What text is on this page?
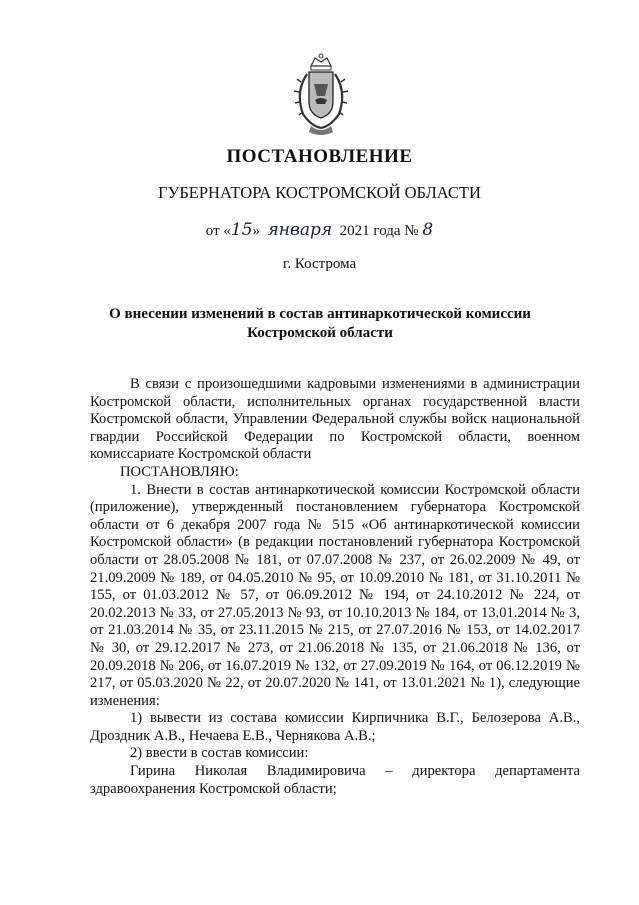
ПОСТАНОВЛЕНИЕ
ГУБЕРНАТОРА КОСТРОМСКОЙ ОБЛАСТИ
от «15» января 2021 года № 8
г. Кострома
О внесении изменений в состав антинаркотической комиссии
Костромской области

В связи с произошедшими кадровыми изменениями в администрации Костромской области, исполнительных органах государственной власти Костромской области, Управлении Федеральной службы войск национальной гвардии Российской Федерации по Костромской области, военном комиссариате Костромской области

ПОСТАНОВЛЯЮ:

1. Внести в состав антинаркотической комиссии Костромской области (приложение), утвержденный постановлением губернатора Костромской области от 6 декабря 2007 года № 515 «Об антинаркотической комиссии Костромской области» (в редакции постановлений губернатора Костромской области от 28.05.2008 № 181, от 07.07.2008 № 237, от 26.02.2009 № 49, от 21.09.2009 № 189, от 04.05.2010 № 95, от 10.09.2010 № 181, от 31.10.2011 № 155, от 01.03.2012 № 57, от 06.09.2012 № 194, от 24.10.2012 № 224, от 20.02.2013 № 33, от 27.05.2013 № 93, от 10.10.2013 № 184, от 13.01.2014 № 3, от 21.03.2014 № 35, от 23.11.2015 № 215, от 27.07.2016 № 153, от 14.02.2017 № 30, от 29.12.2017 № 273, от 21.06.2018 № 135, от 21.06.2018 № 136, от 20.09.2018 № 206, от 16.07.2019 № 132, от 27.09.2019 № 164, от 06.12.2019 № 217, от 05.03.2020 № 22, от 20.07.2020 № 141, от 13.01.2021 № 1), следующие изменения:

1) вывести из состава комиссии Кирпичника В.Г., Белозерова А.В., Дроздник А.В., Нечаева Е.В., Чернякова А.В.;

2) ввести в состав комиссии:

Гирина Николая Владимировича – директора департамента здравоохранения Костромской области;
